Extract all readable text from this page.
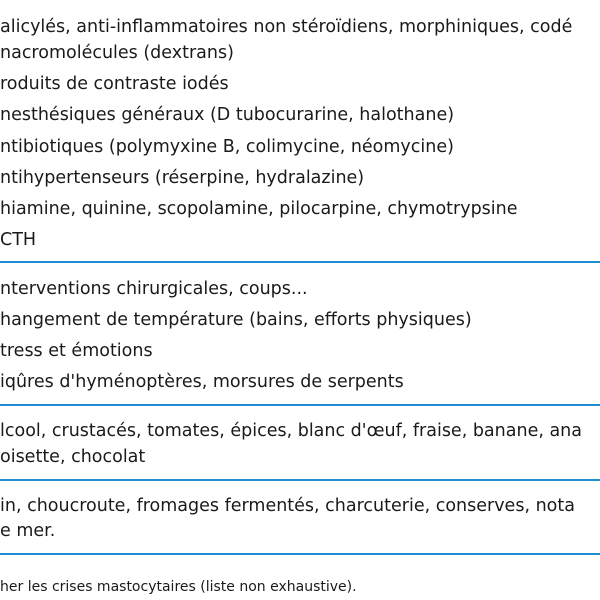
alicylés, anti-inflammatoires non stéroïdiens, morphiniques, codé
nacromolécules (dextrans)
roduits de contraste iodés
nesthésiques généraux (D tubocurarine, halothane)
ntibiotiques (polymyxine B, colimycine, néomycine)
ntihypertenseurs (réserpine, hydralazine)
hiamine, quinine, scopolamine, pilocarpine, chymotrypsine
CTH
nterventions chirurgicales, coups...
hangement de température (bains, efforts physiques)
tress et émotions
iqûres d'hyménoptères, morsures de serpents
lcool, crustacés, tomates, épices, blanc d'œuf, fraise, banane, ana
oisette, chocolat
in, choucroute, fromages fermentés, charcuterie, conserves, nota
e mer.
her les crises mastocytaires (liste non exhaustive).
